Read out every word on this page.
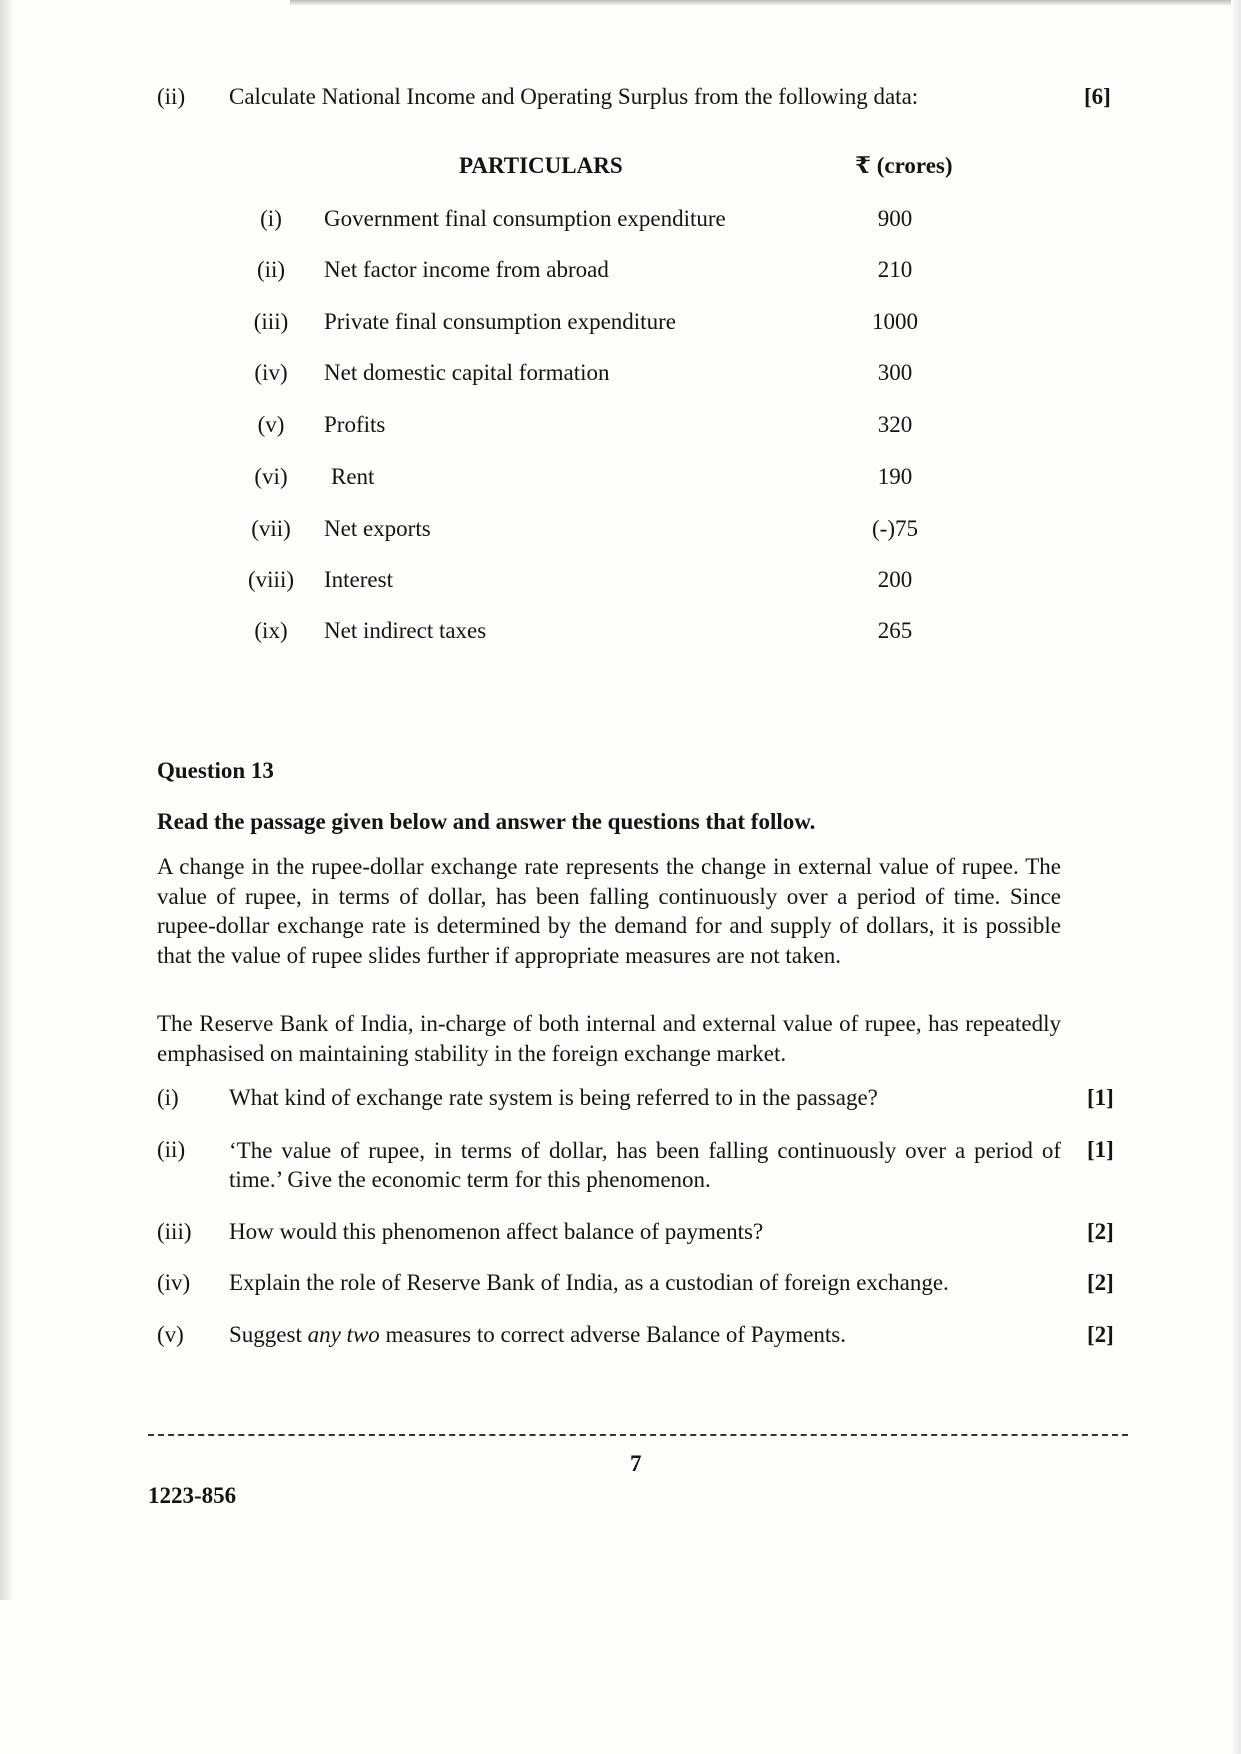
(ii) Calculate National Income and Operating Surplus from the following data:	[6]
PARTICULARS	₹ (crores)
(i)	Government final consumption expenditure	900
(ii)	Net factor income from abroad	210
(iii)	Private final consumption expenditure	1000
(iv)	Net domestic capital formation	300
(v)	Profits	320
(vi)	Rent	190
(vii)	Net exports	(-)75
(viii)	Interest	200
(ix)	Net indirect taxes	265
Question 13
Read the passage given below and answer the questions that follow.
A change in the rupee-dollar exchange rate represents the change in external value of rupee. The value of rupee, in terms of dollar, has been falling continuously over a period of time. Since rupee-dollar exchange rate is determined by the demand for and supply of dollars, it is possible that the value of rupee slides further if appropriate measures are not taken.
The Reserve Bank of India, in-charge of both internal and external value of rupee, has repeatedly emphasised on maintaining stability in the foreign exchange market.
(i) What kind of exchange rate system is being referred to in the passage?	[1]
(ii) ‘The value of rupee, in terms of dollar, has been falling continuously over a period of time.’ Give the economic term for this phenomenon.
[1]
(iii) How would this phenomenon affect balance of payments?	[2]
(iv) Explain the role of Reserve Bank of India, as a custodian of foreign exchange.	[2]
(v) Suggest any two measures to correct adverse Balance of Payments.	[2]
7
1223-856
